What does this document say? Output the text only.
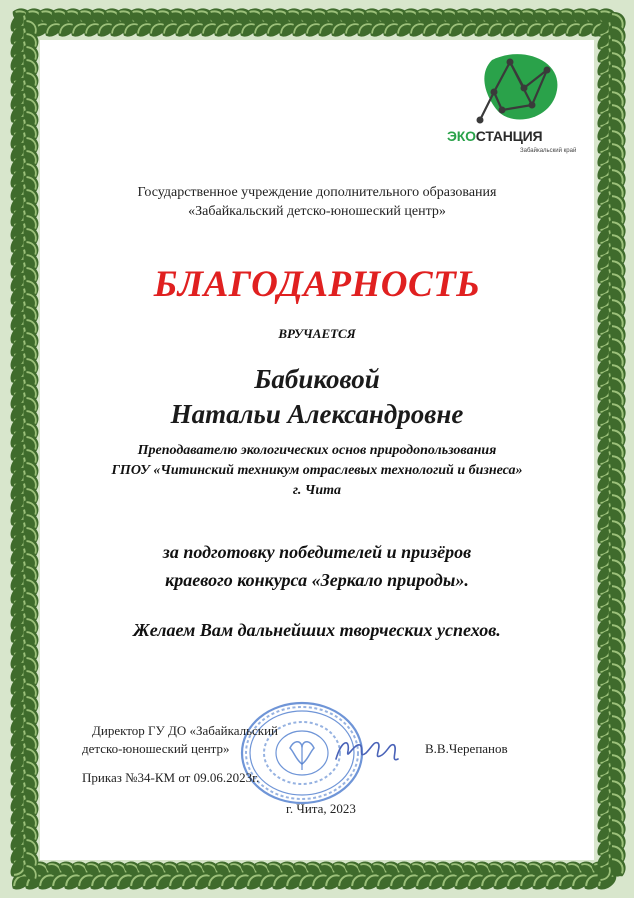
ЭКОСТАНЦИЯ
Забайкальский край
Государственное учреждение дополнительного образования
«Забайкальский детско-юношеский центр»
БЛАГОДАРНОСТЬ
ВРУЧАЕТСЯ
Бабиковой
Натальи Александровне
Преподавателю экологических основ природопользования
ГПОУ «Читинский техникум отраслевых технологий и бизнеса»
г. Чита
за подготовку победителей и призёров
краевого конкурса «Зеркало природы».
Желаем Вам дальнейших творческих успехов.
Директор ГУ ДО «Забайкальский
детско-юношеский центр»	В.В.Черепанов
Приказ №34-КМ от 09.06.2023г.
г. Чита, 2023
